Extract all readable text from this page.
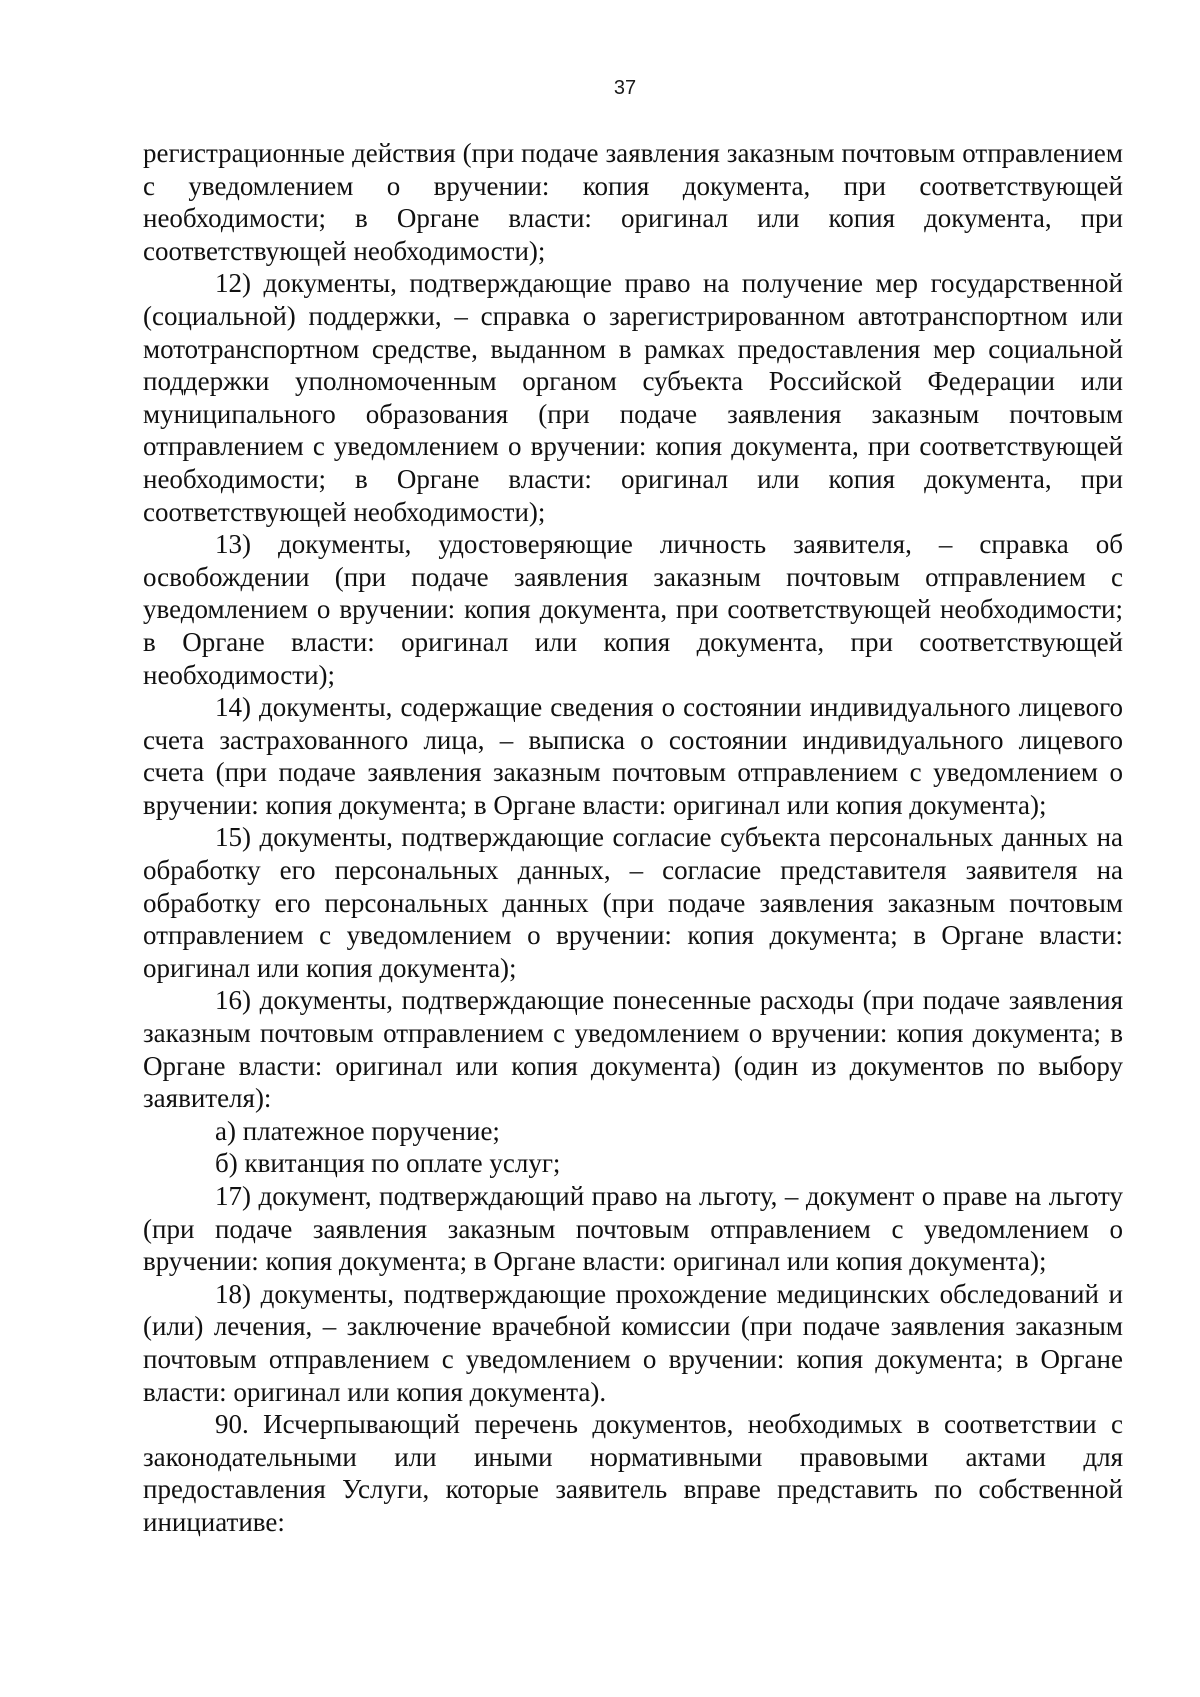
37

регистрационные действия (при подаче заявления заказным почтовым отправлением с уведомлением о вручении: копия документа, при соответствующей необходимости; в Органе власти: оригинал или копия документа, при соответствующей необходимости);

12) документы, подтверждающие право на получение мер государственной (социальной) поддержки, – справка о зарегистрированном автотранспортном или мототранспортном средстве, выданном в рамках предоставления мер социальной поддержки уполномоченным органом субъекта Российской Федерации или муниципального образования (при подаче заявления заказным почтовым отправлением с уведомлением о вручении: копия документа, при соответствующей необходимости; в Органе власти: оригинал или копия документа, при соответствующей необходимости);

13) документы, удостоверяющие личность заявителя, – справка об освобождении (при подаче заявления заказным почтовым отправлением с уведомлением о вручении: копия документа, при соответствующей необходимости; в Органе власти: оригинал или копия документа, при соответствующей необходимости);

14) документы, содержащие сведения о состоянии индивидуального лицевого счета застрахованного лица, – выписка о состоянии индивидуального лицевого счета (при подаче заявления заказным почтовым отправлением с уведомлением о вручении: копия документа; в Органе власти: оригинал или копия документа);

15) документы, подтверждающие согласие субъекта персональных данных на обработку его персональных данных, – согласие представителя заявителя на обработку его персональных данных (при подаче заявления заказным почтовым отправлением с уведомлением о вручении: копия документа; в Органе власти: оригинал или копия документа);

16) документы, подтверждающие понесенные расходы (при подаче заявления заказным почтовым отправлением с уведомлением о вручении: копия документа; в Органе власти: оригинал или копия документа) (один из документов по выбору заявителя):

а) платежное поручение;

б) квитанция по оплате услуг;

17) документ, подтверждающий право на льготу, – документ о праве на льготу (при подаче заявления заказным почтовым отправлением с уведомлением о вручении: копия документа; в Органе власти: оригинал или копия документа);

18) документы, подтверждающие прохождение медицинских обследований и (или) лечения, – заключение врачебной комиссии (при подаче заявления заказным почтовым отправлением с уведомлением о вручении: копия документа; в Органе власти: оригинал или копия документа).

90. Исчерпывающий перечень документов, необходимых в соответствии с законодательными или иными нормативными правовыми актами для предоставления Услуги, которые заявитель вправе представить по собственной инициативе:
